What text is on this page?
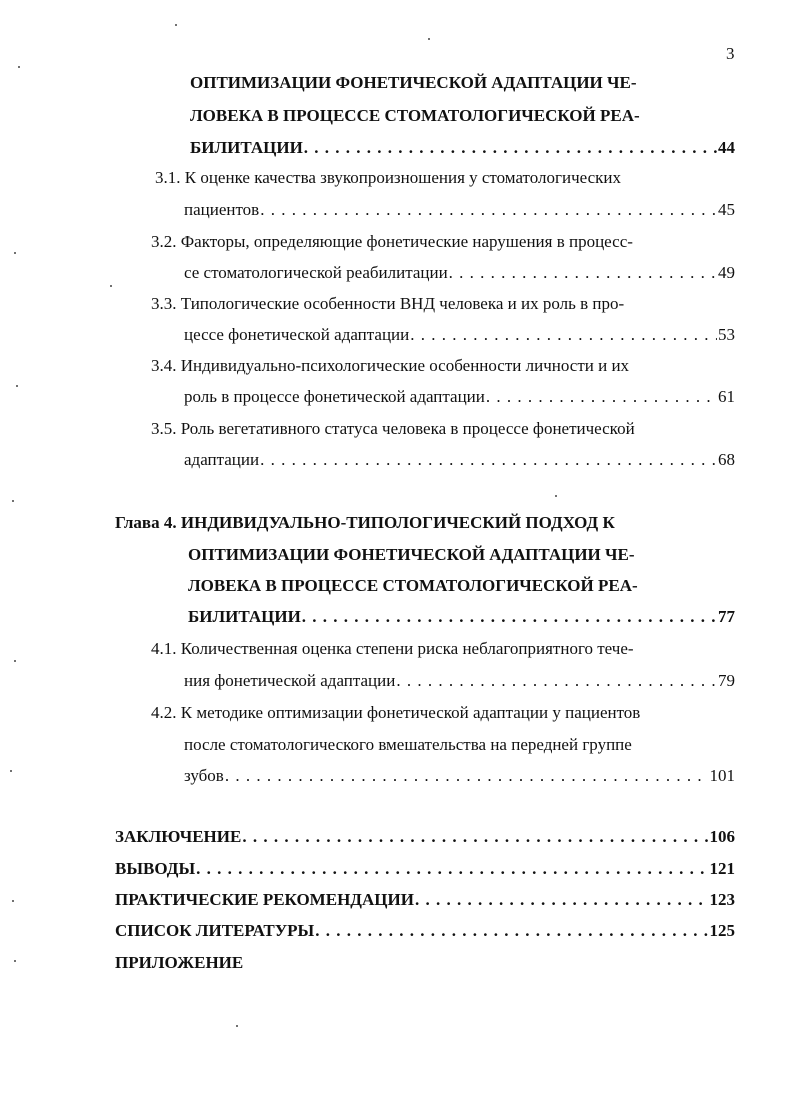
3
ОПТИМИЗАЦИИ ФОНЕТИЧЕСКОЙ АДАПТАЦИИ ЧЕ-
ЛОВЕКА В ПРОЦЕССЕ СТОМАТОЛОГИЧЕСКОЙ РЕА-
БИЛИТАЦИИ . . .	44
3.1. К оценке качества звукопроизношения у стоматологических
пациентов . . .	45
3.2. Факторы, определяющие фонетические нарушения в процесс-
се стоматологической реабилитации . . .	49
3.3. Типологические особенности ВНД человека и их роль в про-
цессе фонетической адаптации . . .	53
3.4. Индивидуально-психологические особенности личности и их
роль в процессе фонетической адаптации . . .	61
3.5. Роль вегетативного статуса человека в процессе фонетической
адаптации . . .	68
Глава 4. ИНДИВИДУАЛЬНО-ТИПОЛОГИЧЕСКИЙ ПОДХОД К
ОПТИМИЗАЦИИ ФОНЕТИЧЕСКОЙ АДАПТАЦИИ ЧЕ-
ЛОВЕКА В ПРОЦЕССЕ СТОМАТОЛОГИЧЕСКОЙ РЕА-
БИЛИТАЦИИ . . .	77
4.1. Количественная оценка степени риска неблагоприятного тече-
ния фонетической адаптации . . .	79
4.2. К методике оптимизации фонетической адаптации у пациентов
после стоматологического вмешательства на передней группе
зубов . . .	101
ЗАКЛЮЧЕНИЕ . . .	106
ВЫВОДЫ . . .	121
ПРАКТИЧЕСКИЕ РЕКОМЕНДАЦИИ . . .	123
СПИСОК ЛИТЕРАТУРЫ . . .	125
ПРИЛОЖЕНИЕ
